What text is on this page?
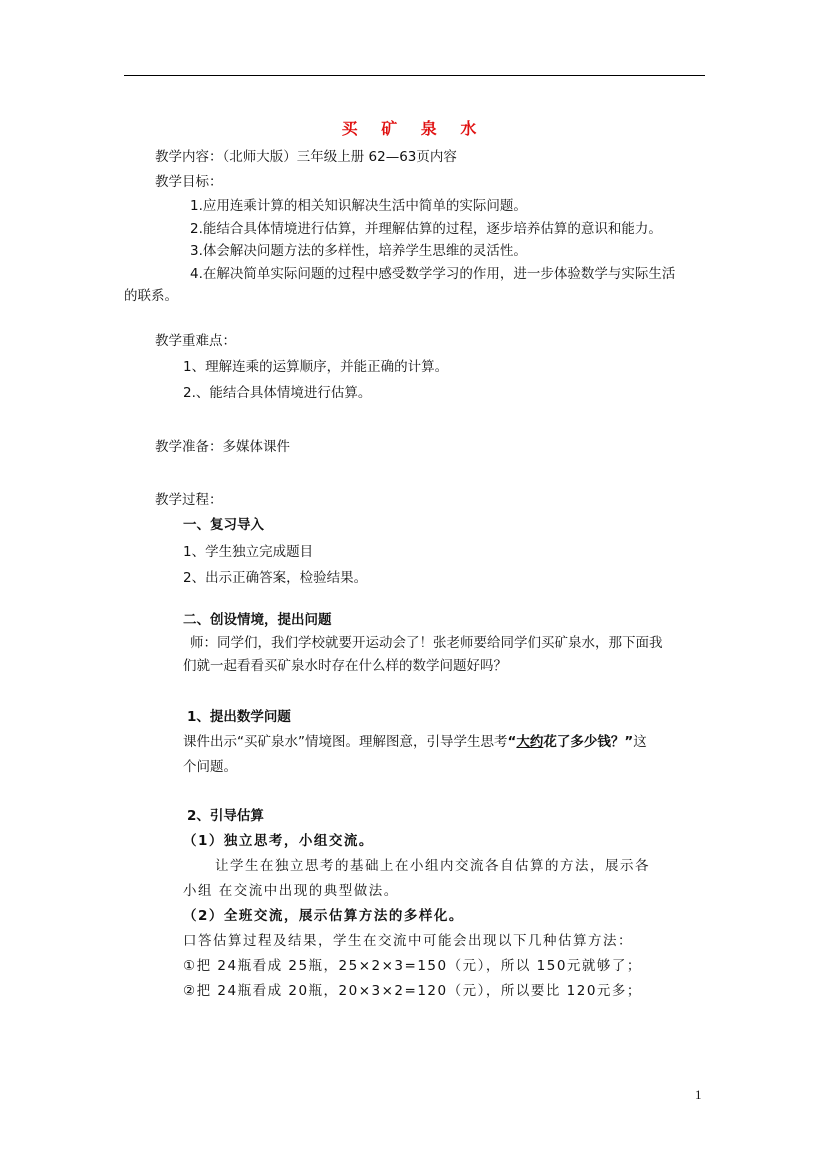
买 矿 泉 水
教学内容：（北师大版）三年级上册 62—63页内容
教学目标：
1.应用连乘计算的相关知识解决生活中简单的实际问题。
2.能结合具体情境进行估算，并理解估算的过程，逐步培养估算的意识和能力。
3.体会解决问题方法的多样性，培养学生思维的灵活性。
4.在解决简单实际问题的过程中感受数学学习的作用，进一步体验数学与实际生活
的联系。
教学重难点：
1、理解连乘的运算顺序，并能正确的计算。
2.、能结合具体情境进行估算。
教学准备：多媒体课件
教学过程：
一、复习导入
1、学生独立完成题目
2、出示正确答案，检验结果。
二、创设情境，提出问题
师：同学们，我们学校就要开运动会了！张老师要给同学们买矿泉水，那下面我
们就一起看看买矿泉水时存在什么样的数学问题好吗？
1、提出数学问题
课件出示“买矿泉水”情境图。理解图意，引导学生思考“大约花了多少钱？”这
个问题。
2、引导估算
（1）独立思考，小组交流。
让学生在独立思考的基础上在小组内交流各自估算的方法，展示各
小组 在交流中出现的典型做法。
（2）全班交流，展示估算方法的多样化。
口答估算过程及结果，学生在交流中可能会出现以下几种估算方法：
①把 24瓶看成 25瓶，25×2×3=150（元），所以 150元就够了；
②把 24瓶看成 20瓶，20×3×2=120（元），所以要比 120元多；
1
